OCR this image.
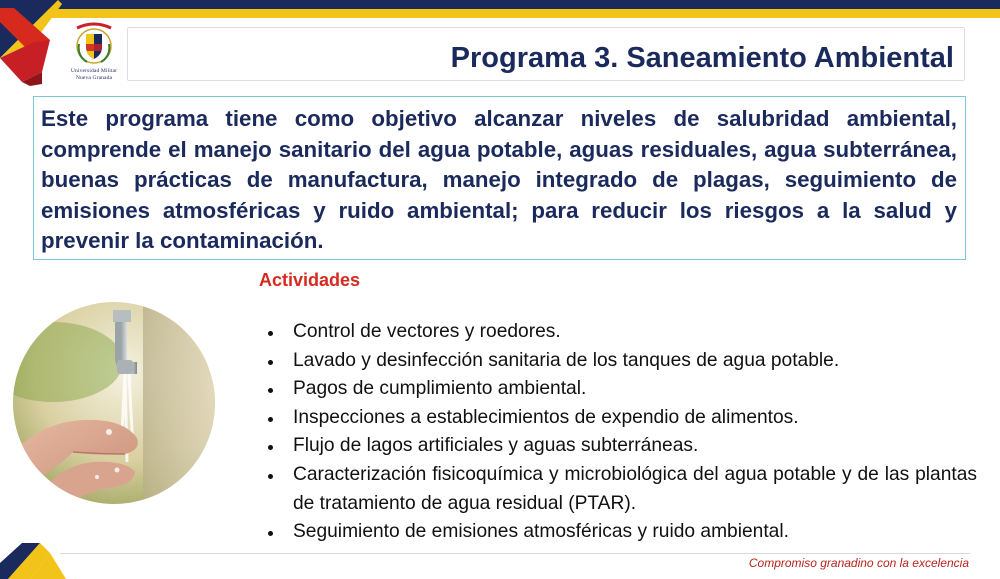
Universidad Militar
Nueva Granada
Programa 3. Saneamiento Ambiental

Este programa tiene como objetivo alcanzar niveles de salubridad ambiental, comprende el manejo sanitario del agua potable, aguas residuales, agua subterránea, buenas prácticas de manufactura, manejo integrado de plagas, seguimiento de emisiones atmosféricas y ruido ambiental; para reducir los riesgos a la salud y prevenir la contaminación.

Actividades
Control de vectores y roedores.
Lavado y desinfección sanitaria de los tanques de agua potable.
Pagos de cumplimiento ambiental.
Inspecciones a establecimientos de expendio de alimentos.
Flujo de lagos artificiales y aguas subterráneas.
Caracterización fisicoquímica y microbiológica del agua potable y de las plantas de tratamiento de agua residual (PTAR).
Seguimiento de emisiones atmosféricas y ruido ambiental.

Compromiso granadino con la excelencia
